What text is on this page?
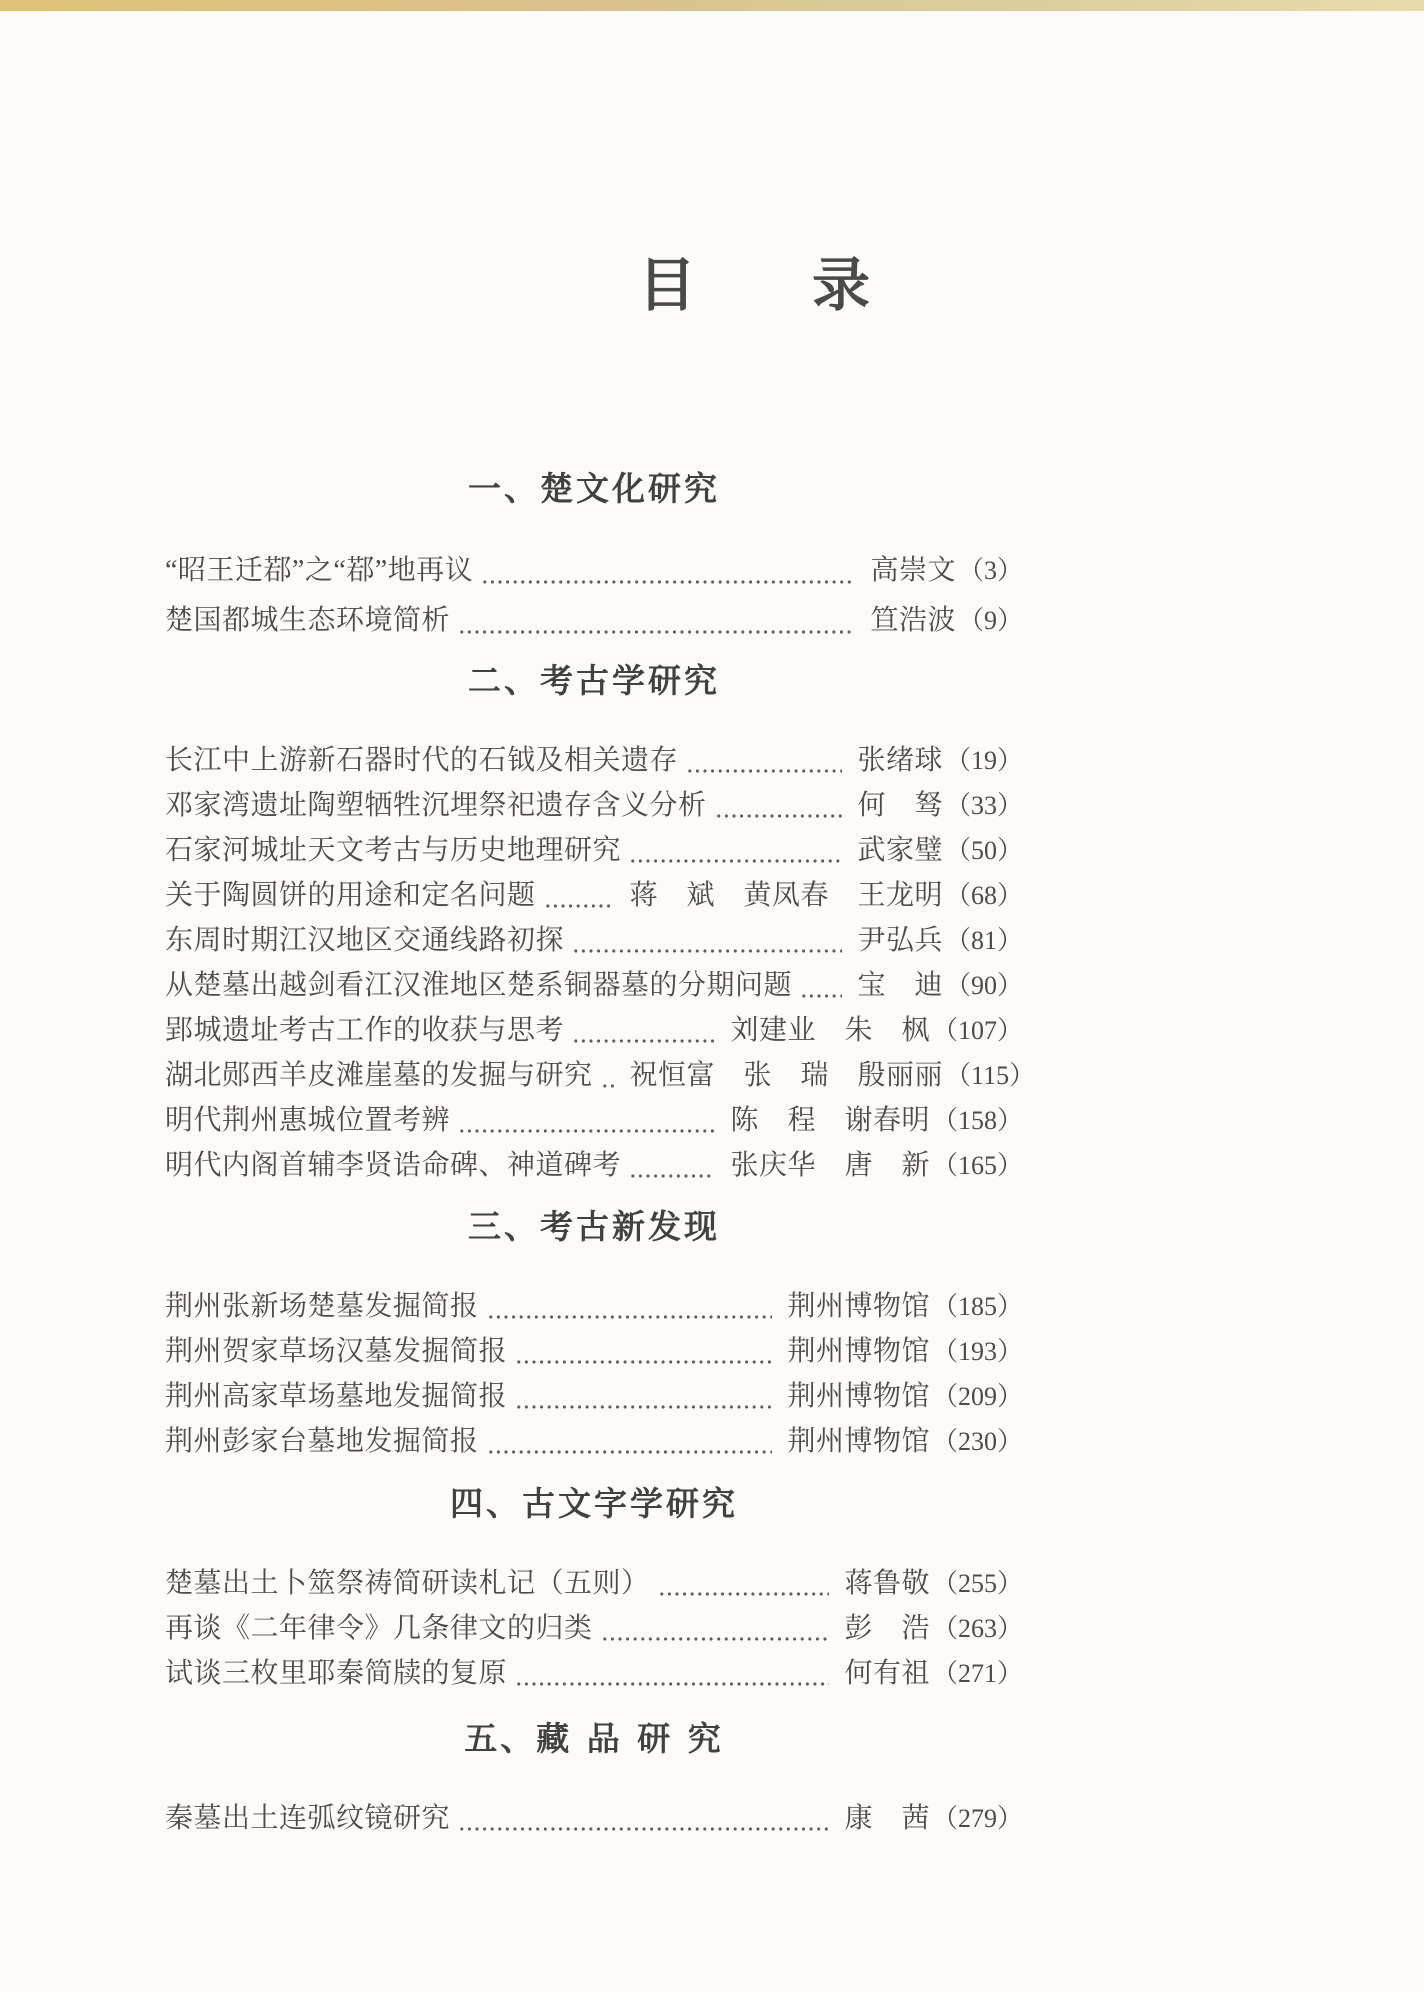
目　　录
一、楚文化研究
“昭王迁鄀”之“鄀”地再议	高崇文 （3）
楚国都城生态环境简析	笪浩波 （9）
二、考古学研究
长江中上游新石器时代的石钺及相关遗存	张绪球 （19）
邓家湾遗址陶塑牺牲沉埋祭祀遗存含义分析	何　驽 （33）
石家河城址天文考古与历史地理研究	武家璧 （50）
关于陶圆饼的用途和定名问题	蒋　斌　黄凤春　王龙明 （68）
东周时期江汉地区交通线路初探	尹弘兵 （81）
从楚墓出越剑看江汉淮地区楚系铜器墓的分期问题 宝　迪 （90）
郢城遗址考古工作的收获与思考	刘建业　朱　枫 （107）
湖北郧西羊皮滩崖墓的发掘与研究 祝恒富　张　瑞　殷丽丽 （115）
明代荆州惠城位置考辨	陈　程　谢春明 （158）
明代内阁首辅李贤诰命碑、神道碑考	张庆华　唐　新 （165）
三、考古新发现
荆州张新场楚墓发掘简报	荆州博物馆 （185）
荆州贺家草场汉墓发掘简报	荆州博物馆 （193）
荆州高家草场墓地发掘简报	荆州博物馆 （209）
荆州彭家台墓地发掘简报	荆州博物馆 （230）
四、古文字学研究
楚墓出土卜筮祭祷简研读札记（五则）	蒋鲁敬 （255）
再谈《二年律令》几条律文的归类	彭　浩 （263）
试谈三枚里耶秦简牍的复原	何有祖 （271）
五、藏 品 研 究
秦墓出土连弧纹镜研究	康　茜 （279）
